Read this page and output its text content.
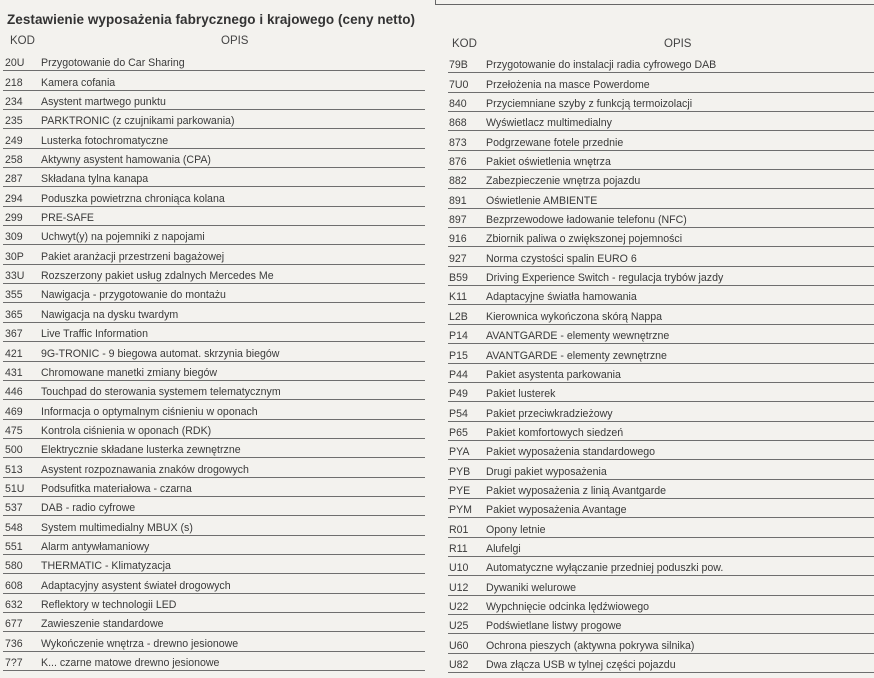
Zestawienie wyposażenia fabrycznego i krajowego (ceny netto)
KOD	OPIS
20U	Przygotowanie do Car Sharing
218	Kamera cofania
234	Asystent martwego punktu
235	PARKTRONIC (z czujnikami parkowania)
249	Lusterka fotochromatyczne
258	Aktywny asystent hamowania (CPA)
287	Składana tylna kanapa
294	Poduszka powietrzna chroniąca kolana
299	PRE-SAFE
309	Uchwyt(y) na pojemniki z napojami
30P	Pakiet aranżacji przestrzeni bagażowej
33U	Rozszerzony pakiet usług zdalnych Mercedes Me
355	Nawigacja - przygotowanie do montażu
365	Nawigacja na dysku twardym
367	Live Traffic Information
421	9G-TRONIC - 9 biegowa automat. skrzynia biegów
431	Chromowane manetki zmiany biegów
446	Touchpad do sterowania systemem telematycznym
469	Informacja o optymalnym ciśnieniu w oponach
475	Kontrola ciśnienia w oponach (RDK)
500	Elektrycznie składane lusterka zewnętrzne
513	Asystent rozpoznawania znaków drogowych
51U	Podsufitka materiałowa - czarna
537	DAB - radio cyfrowe
548	System multimedialny MBUX (s)
551	Alarm antywłamaniowy
580	THERMATIC - Klimatyzacja
608	Adaptacyjny asystent świateł drogowych
632	Reflektory w technologii LED
677	Zawieszenie standardowe
736	Wykończenie wnętrza - drewno jesionowe
7?7	K... czarne matowe drewno jesionowe
KOD	OPIS
79B	Przygotowanie do instalacji radia cyfrowego DAB
7U0	Przełożenia na masce Powerdome
840	Przyciemniane szyby z funkcją termoizolacji
868	Wyświetlacz multimedialny
873	Podgrzewane fotele przednie
876	Pakiet oświetlenia wnętrza
882	Zabezpieczenie wnętrza pojazdu
891	Oświetlenie AMBIENTE
897	Bezprzewodowe ładowanie telefonu (NFC)
916	Zbiornik paliwa o zwiększonej pojemności
927	Norma czystości spalin EURO 6
B59	Driving Experience Switch - regulacja trybów jazdy
K11	Adaptacyjne światła hamowania
L2B	Kierownica wykończona skórą Nappa
P14	AVANTGARDE - elementy wewnętrzne
P15	AVANTGARDE - elementy zewnętrzne
P44	Pakiet asystenta parkowania
P49	Pakiet lusterek
P54	Pakiet przeciwkradzieżowy
P65	Pakiet komfortowych siedzeń
PYA	Pakiet wyposażenia standardowego
PYB	Drugi pakiet wyposażenia
PYE	Pakiet wyposażenia z linią Avantgarde
PYM	Pakiet wyposażenia Avantage
R01	Opony letnie
R11	Alufelgi
U10	Automatyczne wyłączanie przedniej poduszki pow.
U12	Dywaniki welurowe
U22	Wypchnięcie odcinka lędźwiowego
U25	Podświetlane listwy progowe
U60	Ochrona pieszych (aktywna pokrywa silnika)
U82	Dwa złącza USB w tylnej części pojazdu
